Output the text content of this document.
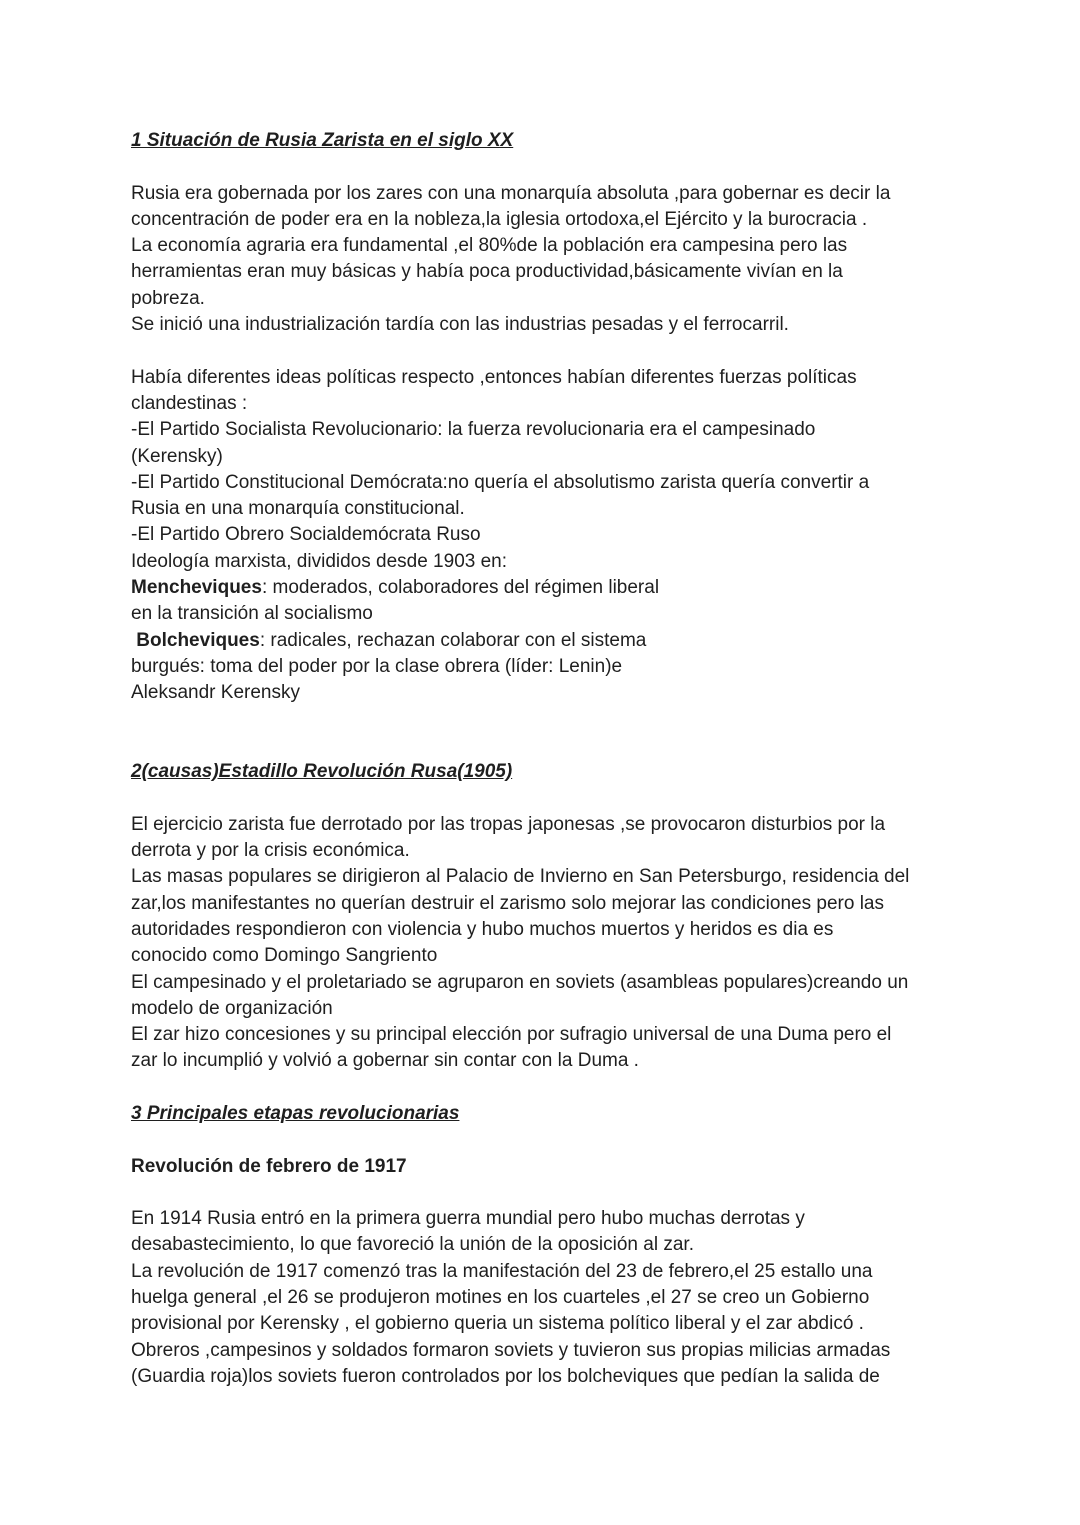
1 Situación de Rusia Zarista en el siglo XX
Rusia era gobernada por los zares con una monarquía absoluta ,para gobernar es decir la
concentración de poder era en la nobleza,la iglesia ortodoxa,el Ejército y la burocracia .
La economía agraria era fundamental ,el 80%de la población era campesina pero las
herramientas eran muy básicas y había poca productividad,básicamente vivían en la
pobreza.
Se inició una industrialización tardía con las industrias pesadas y el ferrocarril.
Había diferentes ideas políticas respecto ,entonces habían diferentes fuerzas políticas
clandestinas :
-El Partido Socialista Revolucionario: la fuerza revolucionaria era el campesinado
(Kerensky)
-El Partido Constitucional Demócrata:no quería el absolutismo zarista quería convertir a
Rusia en una monarquía constitucional.
-El Partido Obrero Socialdemócrata Ruso
Ideología marxista, divididos desde 1903 en:
Mencheviques: moderados, colaboradores del régimen liberal
en la transición al socialismo
Bolcheviques: radicales, rechazan colaborar con el sistema
burgués: toma del poder por la clase obrera (líder: Lenin)e
Aleksandr Kerensky
2(causas)Estadillo Revolución Rusa(1905)
El ejercicio zarista fue derrotado por las tropas japonesas ,se provocaron disturbios por la
derrota y por la crisis económica.
Las masas populares se dirigieron al Palacio de Invierno en San Petersburgo, residencia del
zar,los manifestantes no querían destruir el zarismo solo mejorar las condiciones pero las
autoridades respondieron con violencia y hubo muchos muertos y heridos es dia es
conocido como Domingo Sangriento
El campesinado y el proletariado se agruparon en soviets (asambleas populares)creando un
modelo de organización
El zar hizo concesiones y su principal elección por sufragio universal de una Duma pero el
zar lo incumplió y volvió a gobernar sin contar con la Duma .
3 Principales etapas revolucionarias
Revolución de febrero de 1917
En 1914 Rusia entró en la primera guerra mundial pero hubo muchas derrotas y
desabastecimiento, lo que favoreció la unión de la oposición al zar.
La revolución de 1917 comenzó tras la manifestación del 23 de febrero,el 25 estallo una
huelga general ,el 26 se produjeron motines en los cuarteles ,el 27 se creo un Gobierno
provisional por Kerensky , el gobierno queria un sistema político liberal y el zar abdicó .
Obreros ,campesinos y soldados formaron soviets y tuvieron sus propias milicias armadas
(Guardia roja)los soviets fueron controlados por los bolcheviques que pedían la salida de
